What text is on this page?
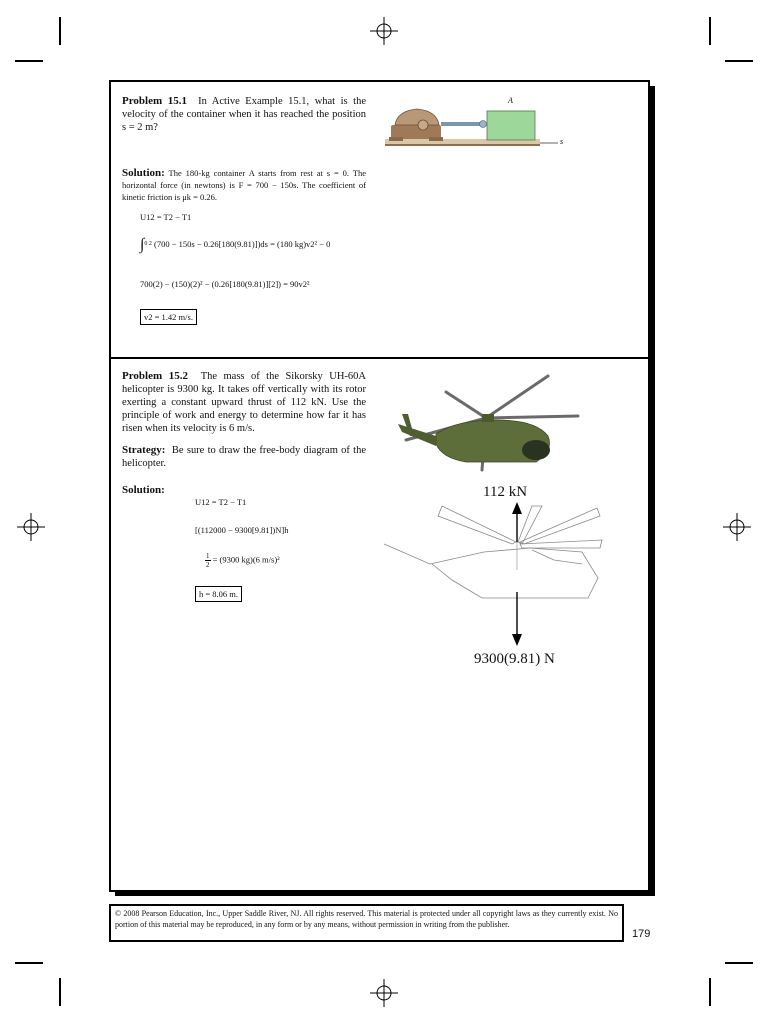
Problem 15.1 In Active Example 15.1, what is the velocity of the container when it has reached the position s = 2 m?
Solution: The 180-kg container A starts from rest at s = 0. The horizontal force (in newtons) is F = 700 − 150s. The coefficient of kinetic friction is μk = 0.26.
U12 = T2 − T1
∫$^{0 2}$ (700 − 150s − 0.26[180(9.81)])ds = (180 kg)v2² − 0
700(2) − (150)(2)² − (0.26[180(9.81)][2]) = 90v2²
v2 = 1.42 m/s.
A
s
Problem 15.2 The mass of the Sikorsky UH-60A helicopter is 9300 kg. It takes off vertically with its rotor exerting a constant upward thrust of 112 kN. Use the principle of work and energy to determine how far it has risen when its velocity is 6 m/s.
Strategy: Be sure to draw the free-body diagram of the helicopter.
Solution:
U12 = T2 − T1
[(112000 − 9300[9.81])N]h
$\frac{1}{2} = (9300$ kg)(6 m/s)²
h = 8.06 m.
112 kN
9300(9.81) N
© 2008 Pearson Education, Inc., Upper Saddle River, NJ. All rights reserved. This material is protected under all copyright laws as they currently exist. No portion of this material may be reproduced, in any form or by any means, without permission in writing from the publisher.
179
